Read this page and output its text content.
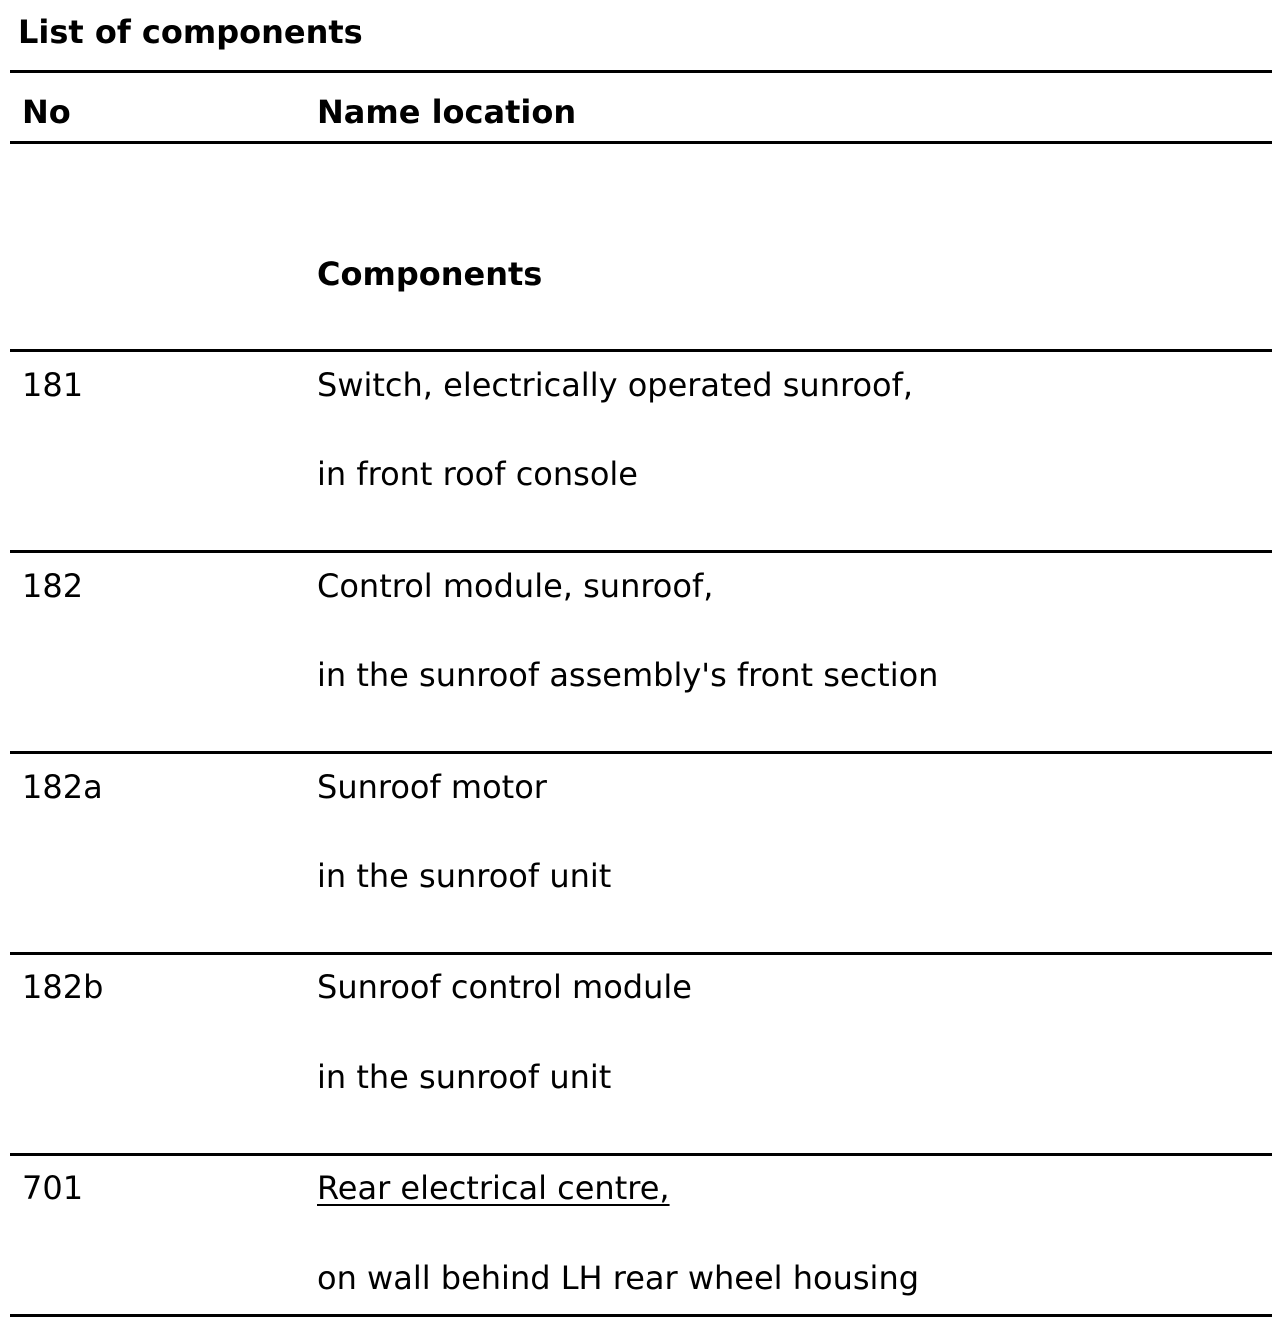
List of components
No	Name location
Components
181	Switch, electrically operated sunroof,
in front roof console
182	Control module, sunroof,
in the sunroof assembly's front section
182a	Sunroof motor
in the sunroof unit
182b	Sunroof control module
in the sunroof unit
701	Rear electrical centre,
on wall behind LH rear wheel housing
